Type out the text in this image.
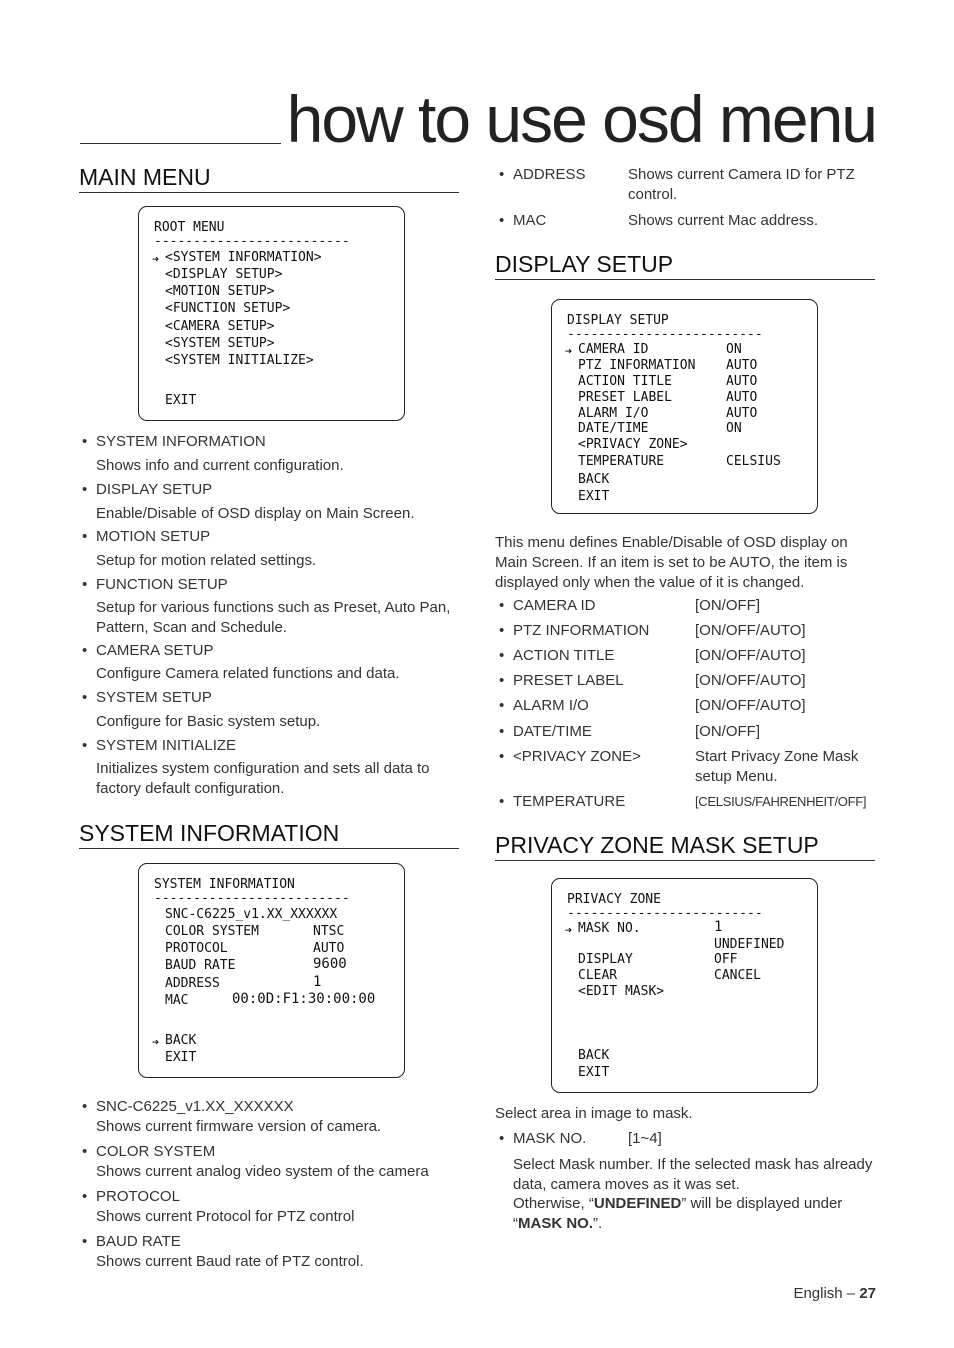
how to use osd menu
MAIN MENU
ROOT MENU
-------------------------
➔ <SYSTEM INFORMATION>
<DISPLAY SETUP>
<MOTION SETUP>
<FUNCTION SETUP>
<CAMERA SETUP>
<SYSTEM SETUP>
<SYSTEM INITIALIZE>
EXIT
• SYSTEM INFORMATION
Shows info and current configuration.
• DISPLAY SETUP
Enable/Disable of OSD display on Main Screen.
• MOTION SETUP
Setup for motion related settings.
• FUNCTION SETUP
Setup for various functions such as Preset, Auto Pan, Pattern, Scan and Schedule.
• CAMERA SETUP
Configure Camera related functions and data.
• SYSTEM SETUP
Configure for Basic system setup.
• SYSTEM INITIALIZE
Initializes system configuration and sets all data to factory default configuration.
SYSTEM INFORMATION
SYSTEM INFORMATION
-------------------------
SNC-C6225_v1.XX_XXXXXX
COLOR SYSTEM	NTSC
PROTOCOL	AUTO
BAUD RATE	9600
ADDRESS	1
MAC	00:0D:F1:30:00:00
➔ BACK
EXIT
• SNC-C6225_v1.XX_XXXXXX
Shows current firmware version of camera.
• COLOR SYSTEM
Shows current analog video system of the camera
• PROTOCOL
Shows current Protocol for PTZ control
• BAUD RATE
Shows current Baud rate of PTZ control.
• ADDRESS	Shows current Camera ID for PTZ control.
• MAC	Shows current Mac address.
DISPLAY SETUP
DISPLAY SETUP
-------------------------
➔ CAMERA ID	ON
PTZ INFORMATION AUTO
ACTION TITLE	AUTO
PRESET LABEL	AUTO
ALARM I/O	AUTO
DATE/TIME	ON
<PRIVACY ZONE>
TEMPERATURE	CELSIUS
BACK
EXIT
This menu defines Enable/Disable of OSD display on Main Screen. If an item is set to be AUTO, the item is displayed only when the value of it is changed.
• CAMERA ID	[ON/OFF]
• PTZ INFORMATION	[ON/OFF/AUTO]
• ACTION TITLE	[ON/OFF/AUTO]
• PRESET LABEL	[ON/OFF/AUTO]
• ALARM I/O	[ON/OFF/AUTO]
• DATE/TIME	[ON/OFF]
• <PRIVACY ZONE>	Start Privacy Zone Mask setup Menu.
• TEMPERATURE	[CELSIUS/FAHRENHEIT/OFF]
PRIVACY ZONE MASK SETUP
PRIVACY ZONE
-------------------------
➔ MASK NO.	1
UNDEFINED
DISPLAY	OFF
CLEAR	CANCEL
<EDIT MASK>
BACK
EXIT
Select area in image to mask.
• MASK NO.	[1~4]
Select Mask number. If the selected mask has already data, camera moves as it was set.
Otherwise, “UNDEFINED” will be displayed under
“MASK NO.”.
English – 27
